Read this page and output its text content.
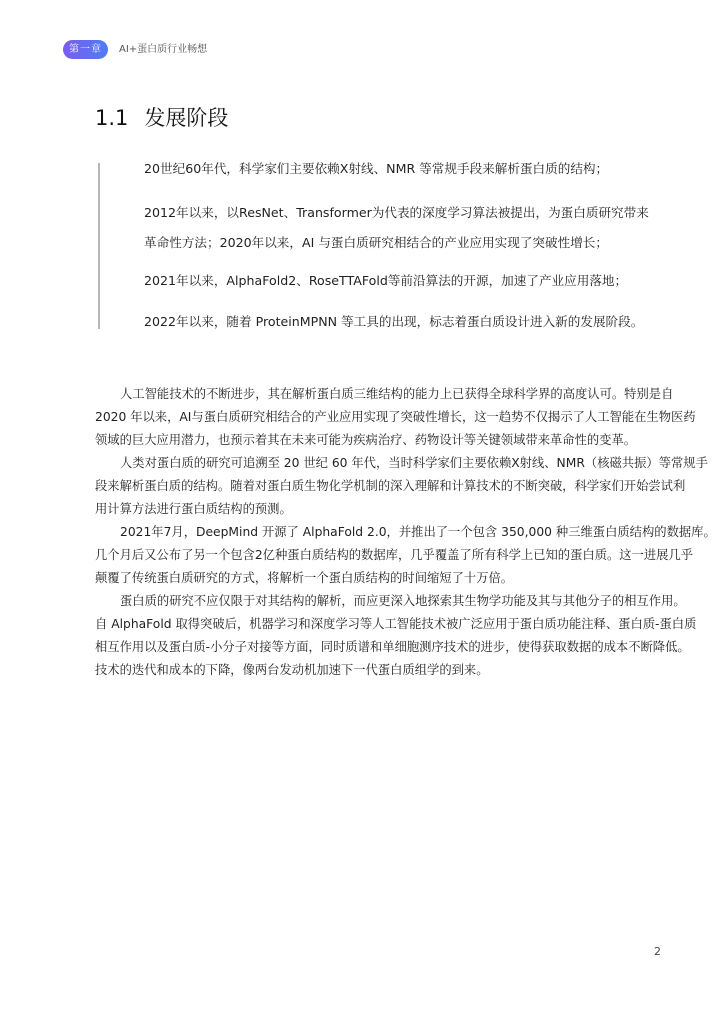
第一章	AI+蛋白质行业畅想
1.1 发展阶段
20世纪60年代，科学家们主要依赖X射线、NMR 等常规手段来解析蛋白质的结构；
2012年以来，以ResNet、Transformer为代表的深度学习算法被提出，为蛋白质研究带来
革命性方法；2020年以来，AI 与蛋白质研究相结合的产业应用实现了突破性增长；
2021年以来，AlphaFold2、RoseTTAFold等前沿算法的开源，加速了产业应用落地；
2022年以来，随着 ProteinMPNN 等工具的出现，标志着蛋白质设计进入新的发展阶段。
人工智能技术的不断进步，其在解析蛋白质三维结构的能力上已获得全球科学界的高度认可。特别是自
2020 年以来，AI与蛋白质研究相结合的产业应用实现了突破性增长，这一趋势不仅揭示了人工智能在生物医药
领域的巨大应用潜力，也预示着其在未来可能为疾病治疗、药物设计等关键领域带来革命性的变革。
人类对蛋白质的研究可追溯至 20 世纪 60 年代，当时科学家们主要依赖X射线、NMR（核磁共振）等常规手
段来解析蛋白质的结构。随着对蛋白质生物化学机制的深入理解和计算技术的不断突破，科学家们开始尝试利
用计算方法进行蛋白质结构的预测。
2021年7月，DeepMind 开源了 AlphaFold 2.0，并推出了一个包含 350,000 种三维蛋白质结构的数据库。
几个月后又公布了另一个包含2亿种蛋白质结构的数据库，几乎覆盖了所有科学上已知的蛋白质。这一进展几乎
颠覆了传统蛋白质研究的方式，将解析一个蛋白质结构的时间缩短了十万倍。
蛋白质的研究不应仅限于对其结构的解析，而应更深入地探索其生物学功能及其与其他分子的相互作用。
自 AlphaFold 取得突破后，机器学习和深度学习等人工智能技术被广泛应用于蛋白质功能注释、蛋白质-蛋白质
相互作用以及蛋白质-小分子对接等方面，同时质谱和单细胞测序技术的进步，使得获取数据的成本不断降低。
技术的迭代和成本的下降，像两台发动机加速下一代蛋白质组学的到来。
2
